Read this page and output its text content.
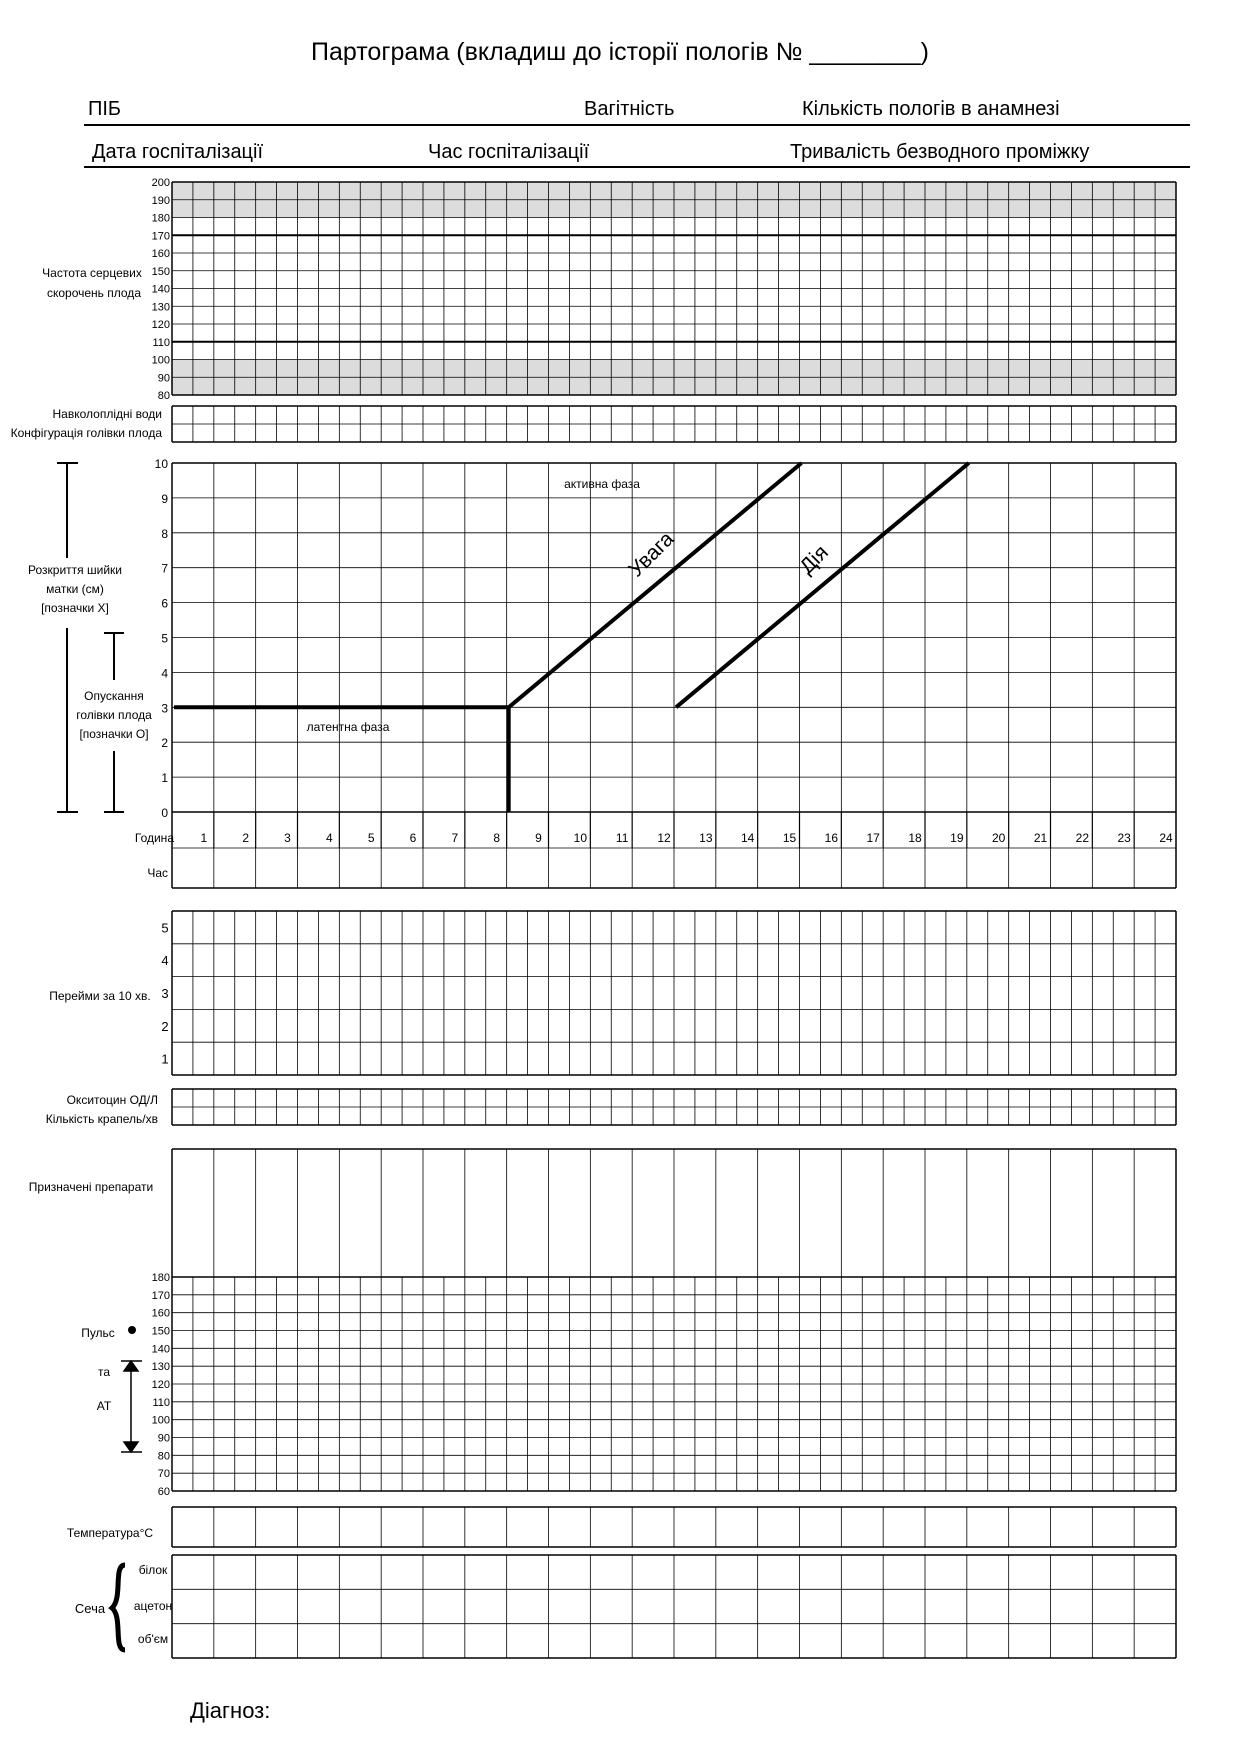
Партограма (вкладиш до історії пологів № ________)
ПІБ	Вагітність	Кількість пологів в анамнезі
Дата госпіталізації	Час госпіталізації	Тривалість безводного проміжку
200
190
180
170
160
150
140
130
120
110
100
90
80
Частота серцевих
скорочень плода
Навколоплідні води
Конфігурація голівки плода
10
9
8
7
6
5
4
3
2
1
0
1	2	3	4	5	6	7	8	9	10 11 12 13 14 15 16 17 18 19 20 21 22 23 24
Година
Час
Розкриття шийки
матки (см)
[позначки Х]
Опускання
голівки плода
[позначки О]	латентна фаза
активна фаза
Увага	Дія
5
4
3
2
1
Перейми за 10 хв.
Окситоцин ОД/Л
Кількість крапель/хв
Призначені препарати
180
170
160
150
140
130
120
110
100
90
80
70
60
Пульс
та
АТ
Температура°С
Сеча
білок
ацетон
об'єм
Діагноз:
